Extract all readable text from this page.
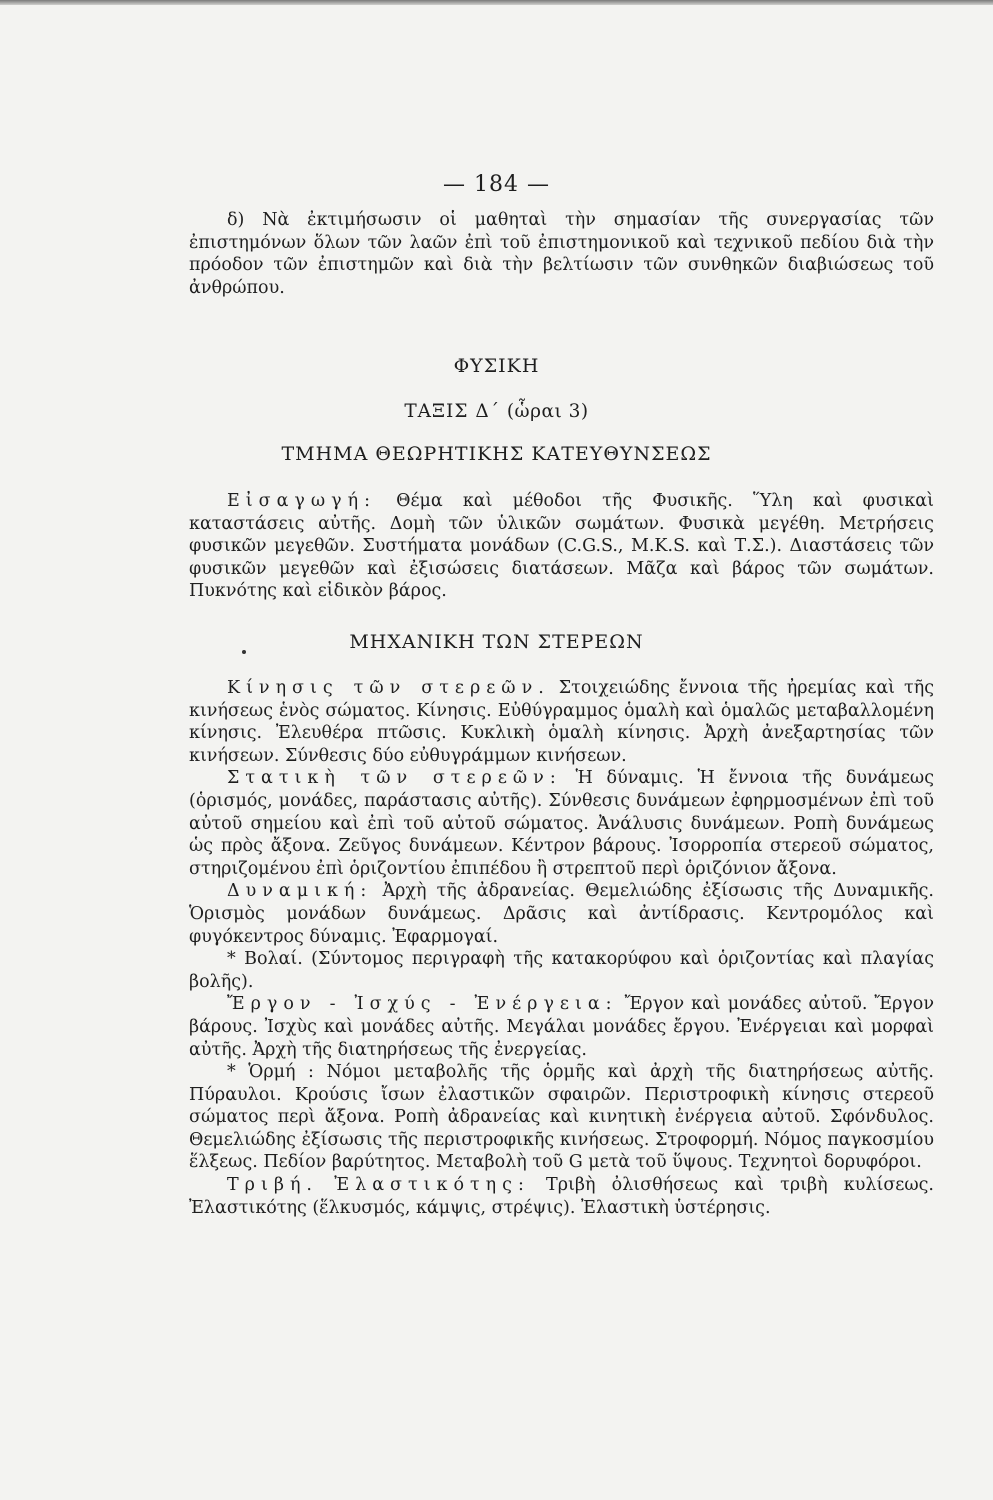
— 184 —

δ) Νὰ ἐκτιμήσωσιν οἱ μαθηταὶ τὴν σημασίαν τῆς συνεργασίας τῶν ἐπιστημόνων ὅλων τῶν λαῶν ἐπὶ τοῦ ἐπιστημονικοῦ καὶ τεχνικοῦ πεδίου διὰ τὴν πρόοδον τῶν ἐπιστημῶν καὶ διὰ τὴν βελτίωσιν τῶν συνθηκῶν διαβιώσεως τοῦ ἀνθρώπου.

ΦΥΣΙΚΗ
ΤΑΞΙΣ Δ΄ (ὧραι 3)
ΤΜΗΜΑ ΘΕΩΡΗΤΙΚΗΣ ΚΑΤΕΥΘΥΝΣΕΩΣ

Εἰσαγωγή: Θέμα καὶ μέθοδοι τῆς Φυσικῆς. Ὕλη καὶ φυσικαὶ καταστάσεις αὐτῆς. Δομὴ τῶν ὑλικῶν σωμάτων. Φυσικὰ μεγέθη. Μετρήσεις φυσικῶν μεγεθῶν. Συστήματα μονάδων (C.G.S., M.K.S. καὶ Τ.Σ.). Διαστάσεις τῶν φυσικῶν μεγεθῶν καὶ ἐξισώσεις διατάσεων. Μᾶζα καὶ βάρος τῶν σωμάτων. Πυκνότης καὶ εἰδικὸν βάρος.

ΜΗΧΑΝΙΚΗ ΤΩΝ ΣΤΕΡΕΩΝ

Κίνησις τῶν στερεῶν. Στοιχειώδης ἔννοια τῆς ἠρεμίας καὶ τῆς κινήσεως ἑνὸς σώματος. Κίνησις. Εὐθύγραμμος ὁμαλὴ καὶ ὁμαλῶς μεταβαλλομένη κίνησις. Ἐλευθέρα πτῶσις. Κυκλικὴ ὁμαλὴ κίνησις. Ἀρχὴ ἀνεξαρτησίας τῶν κινήσεων. Σύνθεσις δύο εὐθυγράμμων κινήσεων.

Στατικὴ τῶν στερεῶν: Ἡ δύναμις. Ἡ ἔννοια τῆς δυνάμεως (ὁρισμός, μονάδες, παράστασις αὐτῆς). Σύνθεσις δυνάμεων ἐφηρμοσμένων ἐπὶ τοῦ αὐτοῦ σημείου καὶ ἐπὶ τοῦ αὐτοῦ σώματος. Ἀνάλυσις δυνάμεων. Ροπὴ δυνάμεως ὡς πρὸς ἄξονα. Ζεῦγος δυνάμεων. Κέντρον βάρους. Ἰσορροπία στερεοῦ σώματος, στηριζομένου ἐπὶ ὁριζοντίου ἐπιπέδου ἢ στρεπτοῦ περὶ ὁριζόνιον ἄξονα.

Δυναμική: Ἀρχὴ τῆς ἀδρανείας. Θεμελιώδης ἐξίσωσις τῆς Δυναμικῆς. Ὁρισμὸς μονάδων δυνάμεως. Δρᾶσις καὶ ἀντίδρασις. Κεντρομόλος καὶ φυγόκεντρος δύναμις. Ἐφαρμογαί.

* Βολαί. (Σύντομος περιγραφὴ τῆς κατακορύφου καὶ ὁριζοντίας καὶ πλαγίας βολῆς).

Ἔργον - Ἰσχύς - Ἐνέργεια: Ἔργον καὶ μονάδες αὐτοῦ. Ἔργον βάρους. Ἰσχὺς καὶ μονάδες αὐτῆς. Μεγάλαι μονάδες ἔργου. Ἐνέργειαι καὶ μορφαὶ αὐτῆς. Ἀρχὴ τῆς διατηρήσεως τῆς ἐνεργείας.

* Ὁρμή : Νόμοι μεταβολῆς τῆς ὁρμῆς καὶ ἀρχὴ τῆς διατηρήσεως αὐτῆς. Πύραυλοι. Κρούσις ἴσων ἐλαστικῶν σφαιρῶν. Περιστροφικὴ κίνησις στερεοῦ σώματος περὶ ἄξονα. Ροπὴ ἀδρανείας καὶ κινητικὴ ἐνέργεια αὐτοῦ. Σφόνδυλος. Θεμελιώδης ἐξίσωσις τῆς περιστροφικῆς κινήσεως. Στροφορμή. Νόμος παγκοσμίου ἕλξεως. Πεδίον βαρύτητος. Μεταβολὴ τοῦ G μετὰ τοῦ ὕψους. Τεχνητοὶ δορυφόροι.

Τριβή. Ἐλαστικότης: Τριβὴ ὀλισθήσεως καὶ τριβὴ κυλίσεως. Ἐλαστικότης (ἕλκυσμός, κάμψις, στρέψις). Ἐλαστικὴ ὑστέρησις.
